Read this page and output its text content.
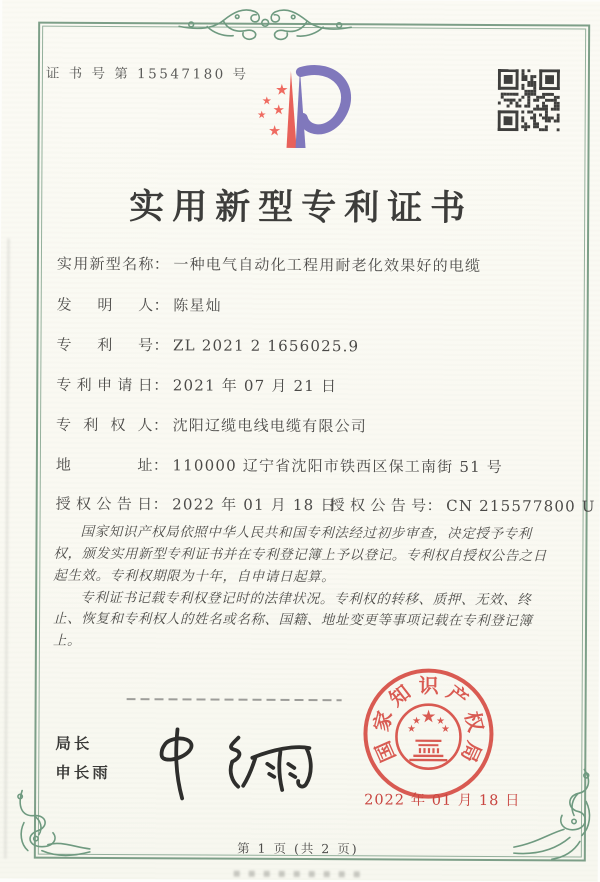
证 书 号 第 15547180 号
实用新型专利证书
实用新型名称： 一种电气自动化工程用耐老化效果好的电缆
发明人： 陈星灿
专利号： ZL 2021 2 1656025.9
专利申请日： 2021 年 07 月 21 日
专利权人： 沈阳辽缆电线电缆有限公司
地址： 110000 辽宁省沈阳市铁西区保工南街 51 号
授权公告日： 2022 年 01 月 18 日
授权公告号： CN 215577800 U

国家知识产权局依照中华人民共和国专利法经过初步审查，决定授予专利权，颁发实用新型专利证书并在专利登记簿上予以登记。专利权自授权公告之日起生效。专利权期限为十年，自申请日起算。

专利证书记载专利权登记时的法律状况。专利权的转移、质押、无效、终止、恢复和专利权人的姓名或名称、国籍、地址变更等事项记载在专利登记簿上。

局长
申长雨
国
家
知 识 产
权
局
2022 年 01 月 18 日
第 1 页 (共 2 页)
